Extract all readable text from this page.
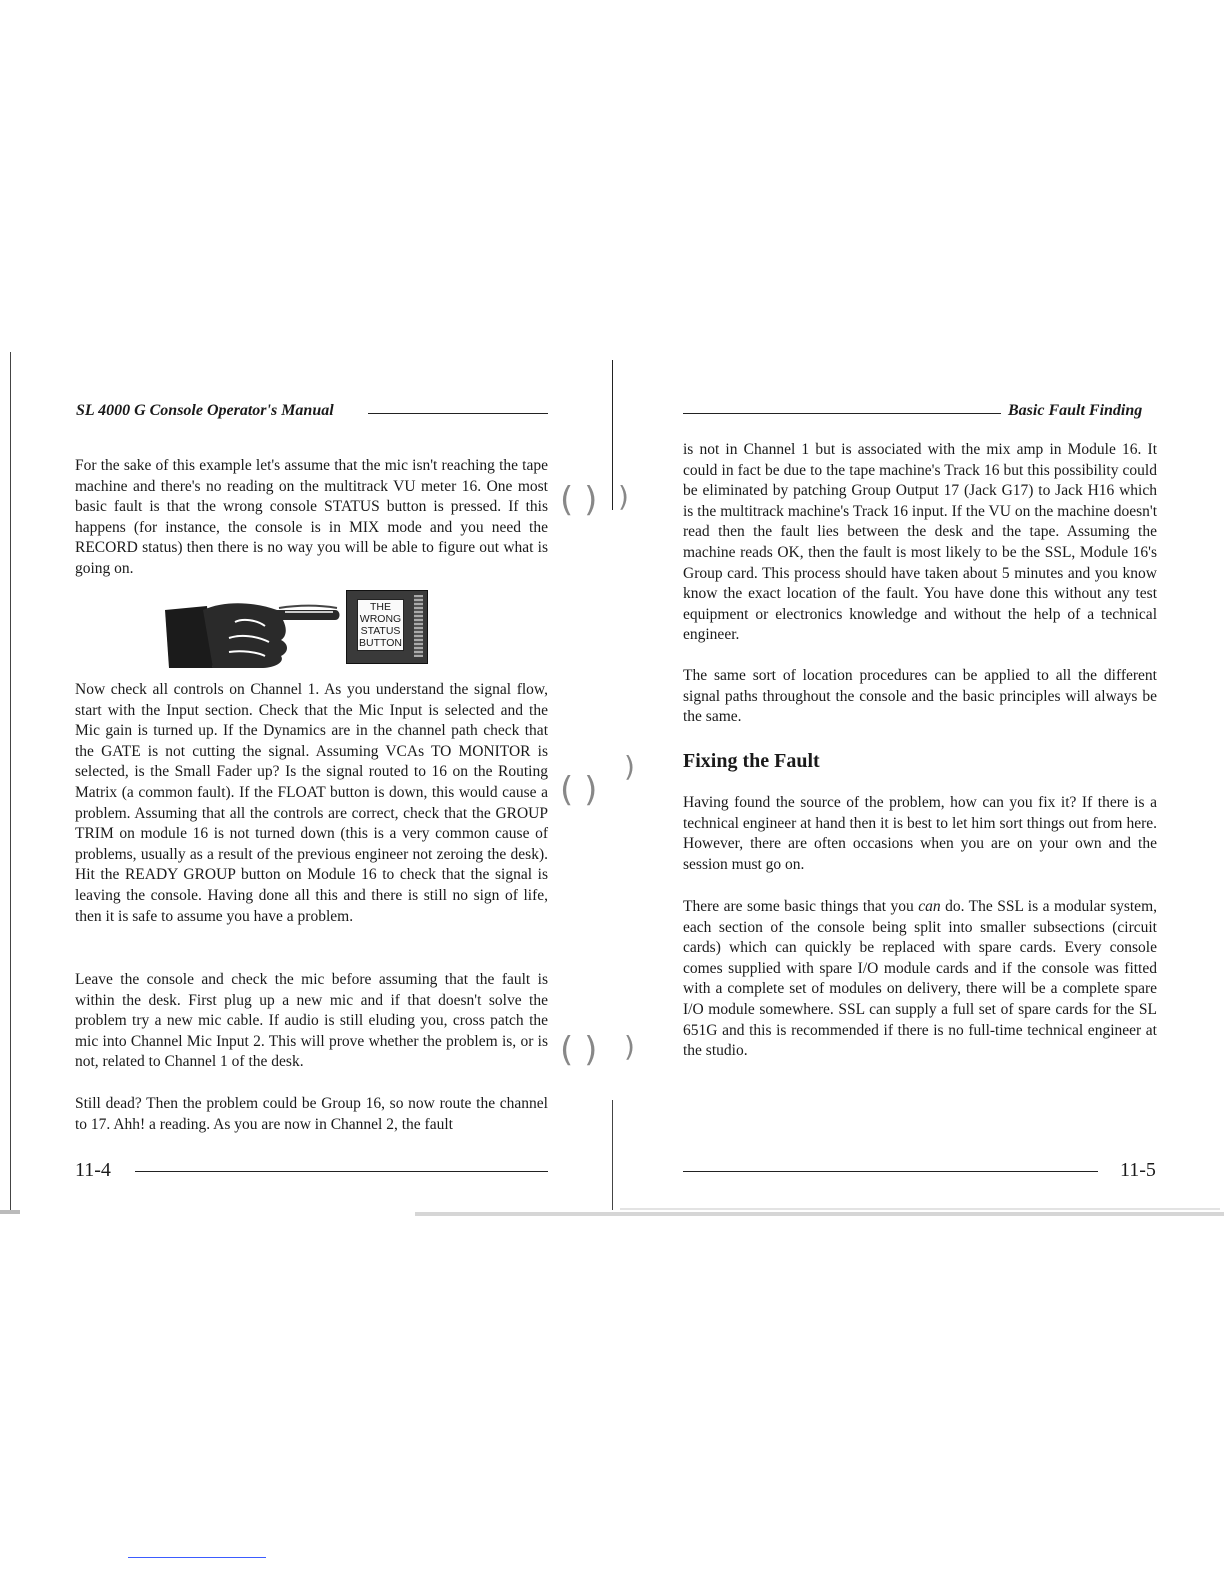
( )
( )
( )
)
)
)
SL 4000 G Console Operator's Manual

For the sake of this example let's assume that the mic isn't reaching the tape machine and there's no reading on the multitrack VU meter 16. One most basic fault is that the wrong console STATUS button is pressed. If this happens (for instance, the console is in MIX mode and you need the RECORD status) then there is no way you will be able to figure out what is going on.

THE
WRONG
STATUS
BUTTON

Now check all controls on Channel 1. As you understand the signal flow, start with the Input section. Check that the Mic Input is selected and the Mic gain is turned up. If the Dynamics are in the channel path check that the GATE is not cutting the signal. Assuming VCAs TO MONITOR is selected, is the Small Fader up? Is the signal routed to 16 on the Routing Matrix (a common fault). If the FLOAT button is down, this would cause a problem. Assuming that all the controls are correct, check that the GROUP TRIM on module 16 is not turned down (this is a very common cause of problems, usually as a result of the previous engineer not zeroing the desk). Hit the READY GROUP button on Module 16 to check that the signal is leaving the console. Having done all this and there is still no sign of life, then it is safe to assume you have a problem.

Leave the console and check the mic before assuming that the fault is within the desk. First plug up a new mic and if that doesn't solve the problem try a new mic cable. If audio is still eluding you, cross patch the mic into Channel Mic Input 2. This will prove whether the problem is, or is not, related to Channel 1 of the desk.

Still dead? Then the problem could be Group 16, so now route the channel to 17. Ahh! a reading. As you are now in Channel 2, the fault

11-4
Basic Fault Finding

is not in Channel 1 but is associated with the mix amp in Module 16. It could in fact be due to the tape machine's Track 16 but this possibility could be eliminated by patching Group Output 17 (Jack G17) to Jack H16 which is the multitrack machine's Track 16 input. If the VU on the machine doesn't read then the fault lies between the desk and the tape. Assuming the machine reads OK, then the fault is most likely to be the SSL, Module 16's Group card. This process should have taken about 5 minutes and you know know the exact location of the fault. You have done this without any test equipment or electronics knowledge and without the help of a technical engineer.

The same sort of location procedures can be applied to all the different signal paths throughout the console and the basic principles will always be the same.

Fixing the Fault

Having found the source of the problem, how can you fix it? If there is a technical engineer at hand then it is best to let him sort things out from here. However, there are often occasions when you are on your own and the session must go on.

There are some basic things that you can do. The SSL is a modular system, each section of the console being split into smaller subsections (circuit cards) which can quickly be replaced with spare cards. Every console comes supplied with spare I/O module cards and if the console was fitted with a complete set of modules on delivery, there will be a complete spare I/O module somewhere. SSL can supply a full set of spare cards for the SL 651G and this is recommended if there is no full-time technical engineer at the studio.

11-5
